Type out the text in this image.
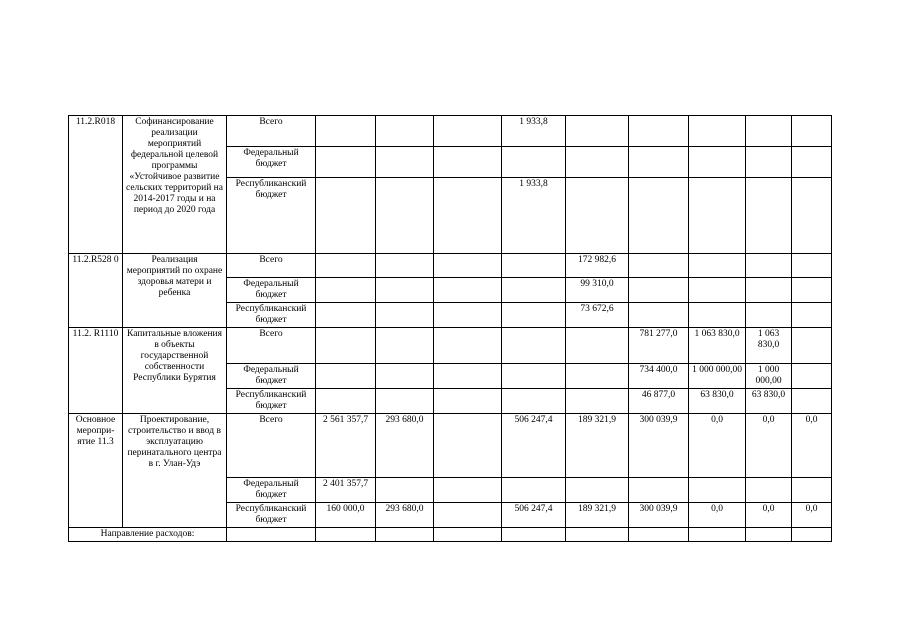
11.2.R018	Софинансирование реализации мероприятий федеральной целевой программы «Устойчивое развитие сельских территорий на 2014-2017 годы и на период до 2020 года	Всего				1 933,8					
		Федеральный бюджет									
		Республиканский бюджет				1 933,8					
11.2.R528 0	Реализация мероприятий по охране здоровья матери и ребенка	Всего					172 982,6				
		Федеральный бюджет					99 310,0				
		Республиканский бюджет					73 672,6				
11.2. R1110	Капитальные вложения в объекты государственной собственности Республики Бурятия	Всего						781 277,0	1 063 830,0	1 063 830,0	
		Федеральный бюджет						734 400,0	1 000 000,00	1 000 000,00	
		Республиканский бюджет						46 877,0	63 830,0	63 830,0	
Основное меропри-ятие 11.3	Проектирование, строительство и ввод в эксплуатацию перинатального центра в г. Улан-Удэ	Всего	2 561 357,7	293 680,0		506 247,4	189 321,9	300 039,9	0,0	0,0	0,0
		Федеральный бюджет	2 401 357,7								
		Республиканский бюджет	160 000,0	293 680,0		506 247,4	189 321,9	300 039,9	0,0	0,0	0,0
Направление расходов:											
